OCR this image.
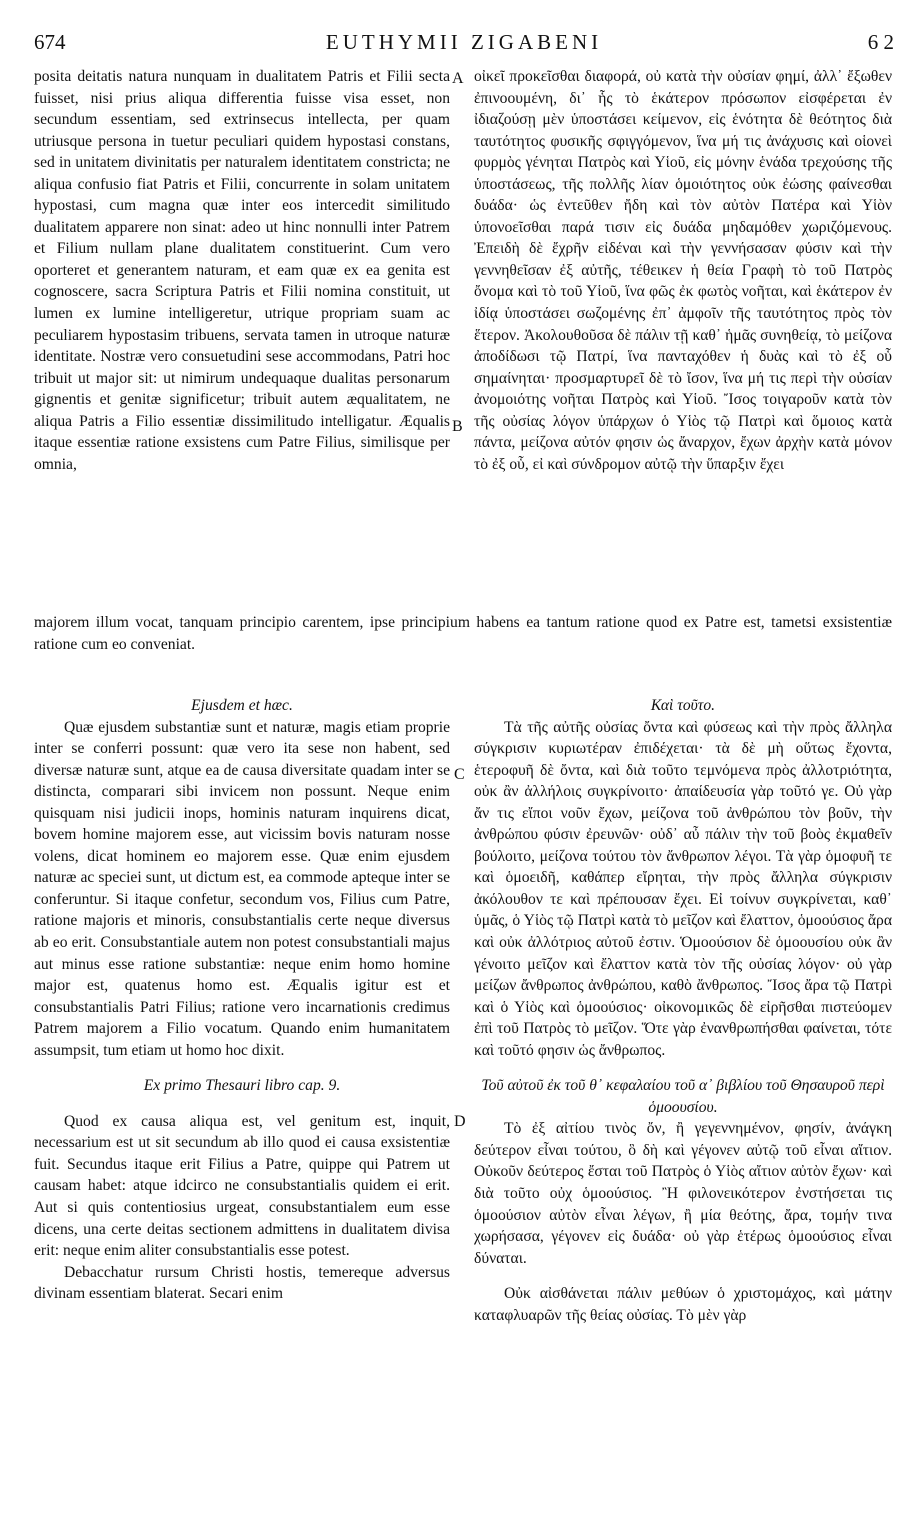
674	EUTHYMII ZIGABENI	6 2

posita deitatis natura nunquam in dualitatem Patris et Filii secta fuisset, nisi prius aliqua differentia fuisse visa esset, non secundum essentiam, sed extrinsecus intellecta, per quam utriusque persona in tuetur peculiari quidem hypostasi constans, sed in unitatem divinitatis per naturalem identitatem constricta; ne aliqua confusio fiat Patris et Filii, concurrente in solam unitatem hypostasi, cum magna quæ inter eos intercedit similitudo dualitatem apparere non sinat: adeo ut hinc nonnulli inter Patrem et Filium nullam plane dualitatem constituerint. Cum vero oporteret et generantem naturam, et eam quæ ex ea genita est cognoscere, sacra Scriptura Patris et Filii nomina constituit, ut lumen ex lumine intelligeretur, utrique propriam suam ac peculiarem hypostasim tribuens, servata tamen in utroque naturæ identitate. Nostræ vero consuetudini sese accommodans, Patri hoc tribuit ut major sit: ut nimirum undequaque dualitas personarum gignentis et genitæ significetur; tribuit autem æqualitatem, ne aliqua Patris a Filio essentiæ dissimilitudo intelligatur. Æqualis itaque essentiæ ratione exsistens cum Patre Filius, similisque per omnia,

οἰκεῖ προκεῖσθαι διαφορά, οὐ κατὰ τὴν οὐσίαν φημί, ἀλλ᾽ ἔξωθεν ἐπινοουμένη, δι᾽ ἧς τὸ ἑκάτερον πρόσωπον εἰσφέρεται ἐν ἰδιαζούσῃ μὲν ὑποστάσει κείμενον, εἰς ἑνότητα δὲ θεότητος διὰ ταυτότητος φυσικῆς σφιγγόμενον, ἵνα μή τις ἀνάχυσις καὶ οἱονεὶ φυρμὸς γένηται Πατρὸς καὶ Υἱοῦ, εἰς μόνην ἑνάδα τρεχούσης τῆς ὑποστάσεως, τῆς πολλῆς λίαν ὁμοιότητος οὐκ ἐώσης φαίνεσθαι δυάδα· ὡς ἐντεῦθεν ἤδη καὶ τὸν αὐτὸν Πατέρα καὶ Υἱὸν ὑπονοεῖσθαι παρά τισιν εἰς δυάδα μηδαμόθεν χωριζόμενους. Ἐπειδὴ δὲ ἔχρῆν εἰδέναι καὶ τὴν γεννήσασαν φύσιν καὶ τὴν γεννηθεῖσαν ἐξ αὐτῆς, τέθεικεν ἡ θεία Γραφὴ τὸ τοῦ Πατρὸς ὄνομα καὶ τὸ τοῦ Υἱοῦ, ἵνα φῶς ἐκ φωτὸς νοῆται, καὶ ἑκάτερον ἐν ἰδίᾳ ὑποστάσει σωζομένης ἐπ᾽ ἀμφοῖν τῆς ταυτότητος πρὸς τὸν ἕτερον. Ἀκολουθοῦσα δὲ πάλιν τῇ καθ᾽ ἡμᾶς συνηθείᾳ, τὸ μείζονα ἀποδίδωσι τῷ Πατρί, ἵνα πανταχόθεν ἡ δυὰς καὶ τὸ ἐξ οὗ σημαίνηται· προσμαρτυρεῖ δὲ τὸ ἴσον, ἵνα μή τις περὶ τὴν οὐσίαν ἀνομοιότης νοῆται Πατρὸς καὶ Υἱοῦ. Ἴσος τοιγαροῦν κατὰ τὸν τῆς οὐσίας λόγον ὑπάρχων ὁ Υἱὸς τῷ Πατρὶ καὶ ὅμοιος κατὰ πάντα, μείζονα αὐτόν φησιν ὡς ἄναρχον, ἔχων ἀρχὴν κατὰ μόνον τὸ ἐξ οὗ, εἰ καὶ σύνδρομον αὐτῷ τὴν ὕπαρξιν ἔχει

majorem illum vocat, tanquam principio carentem, ipse principium habens ea tantum ratione quod ex Patre est, tametsi exsistentiæ ratione cum eo conveniat.

Ejusdem et hæc.

Quæ ejusdem substantiæ sunt et naturæ, magis etiam proprie inter se conferri possunt: quæ vero ita sese non habent, sed diversæ naturæ sunt, atque ea de causa diversitate quadam inter se distincta, comparari sibi invicem non possunt. Neque enim quisquam nisi judicii inops, hominis naturam inquirens dicat, bovem homine majorem esse, aut vicissim bovis naturam nosse volens, dicat hominem eo majorem esse. Quæ enim ejusdem naturæ ac speciei sunt, ut dictum est, ea commode apteque inter se conferuntur. Si itaque confetur, secondum vos, Filius cum Patre, ratione majoris et minoris, consubstantialis certe neque diversus ab eo erit. Consubstantiale autem non potest consubstantiali majus aut minus esse ratione substantiæ: neque enim homo homine major est, quatenus homo est. Æqualis igitur est et consubstantialis Patri Filius; ratione vero incarnationis credimus Patrem majorem a Filio vocatum. Quando enim humanitatem assumpsit, tum etiam ut homo hoc dixit.

Ex primo Thesauri libro cap. 9.

Quod ex causa aliqua est, vel genitum est, inquit, necessarium est ut sit secundum ab illo quod ei causa exsistentiæ fuit. Secundus itaque erit Filius a Patre, quippe qui Patrem ut causam habet: atque idcirco ne consubstantialis quidem ei erit. Aut si quis contentiosius urgeat, consubstantialem eum esse dicens, una certe deitas sectionem admittens in dualitatem divisa erit: neque enim aliter consubstantialis esse potest.

Debacchatur rursum Christi hostis, temereque adversus divinam essentiam blaterat. Secari enim

Καὶ τοῦτο.

Τὰ τῆς αὐτῆς οὐσίας ὄντα καὶ φύσεως καὶ τὴν πρὸς ἄλληλα σύγκρισιν κυριωτέραν ἐπιδέχεται· τὰ δὲ μὴ οὕτως ἔχοντα, ἑτεροφυῆ δὲ ὄντα, καὶ διὰ τοῦτο τεμνόμενα πρὸς ἀλλοτριότητα, οὐκ ἂν ἀλλήλοις συγκρίνοιτο· ἀπαίδευσία γὰρ τοῦτό γε. Οὐ γὰρ ἄν τις εἴποι νοῦν ἔχων, μείζονα τοῦ ἀνθρώπου τὸν βοῦν, τὴν ἀνθρώπου φύσιν ἐρευνῶν· οὐδ᾽ αὖ πάλιν τὴν τοῦ βοὸς ἐκμαθεῖν βούλοιτο, μείζονα τούτου τὸν ἄνθρωπον λέγοι. Τὰ γὰρ ὁμοφυῆ τε καὶ ὁμοειδῆ, καθάπερ εἴρηται, τὴν πρὸς ἄλληλα σύγκρισιν ἀκόλουθον τε καὶ πρέπουσαν ἔχει. Εἰ τοίνυν συγκρίνεται, καθ᾽ ὑμᾶς, ὁ Υἱὸς τῷ Πατρὶ κατὰ τὸ μεῖζον καὶ ἔλαττον, ὁμοούσιος ἄρα καὶ οὐκ ἀλλότριος αὐτοῦ ἐστιν. Ὁμοούσιον δὲ ὁμοουσίου οὐκ ἂν γένοιτο μεῖζον καὶ ἔλαττον κατὰ τὸν τῆς οὐσίας λόγον· οὐ γὰρ μείζων ἄνθρωπος ἀνθρώπου, καθὸ ἄνθρωπος. Ἴσος ἄρα τῷ Πατρὶ καὶ ὁ Υἱὸς καὶ ὁμοούσιος· οἰκονομικῶς δὲ εἰρῆσθαι πιστεύομεν ἐπὶ τοῦ Πατρὸς τὸ μεῖζον. Ὅτε γὰρ ἐνανθρωπήσθαι φαίνεται, τότε καὶ τοῦτό φησιν ὡς ἄνθρωπος.

Τοῦ αὐτοῦ ἐκ τοῦ θ᾽ κεφαλαίου τοῦ α᾽ βιβλίου τοῦ Θησαυροῦ περὶ ὁμοουσίου.

Τὸ ἐξ αἰτίου τινὸς ὄν, ἢ γεγεννημένον, φησίν, ἀνάγκη δεύτερον εἶναι τούτου, ὃ δὴ καὶ γέγονεν αὐτῷ τοῦ εἶναι αἴτιον. Οὐκοῦν δεύτερος ἔσται τοῦ Πατρὸς ὁ Υἱὸς αἴτιον αὐτὸν ἔχων· καὶ διὰ τοῦτο οὐχ ὁμοούσιος. Ἢ φιλονεικότερον ἐνστήσεται τις ὁμοούσιον αὐτὸν εἶναι λέγων, ἢ μία θεότης, ἄρα, τομήν τινα χωρήσασα, γέγονεν εἰς δυάδα· οὐ γὰρ ἑτέρως ὁμοούσιος εἶναι δύναται.

Οὐκ αἰσθάνεται πάλιν μεθύων ὁ χριστομάχος, καὶ μάτην καταφλυαρῶν τῆς θείας οὐσίας. Τὸ μὲν γὰρ

A
B
C
D
